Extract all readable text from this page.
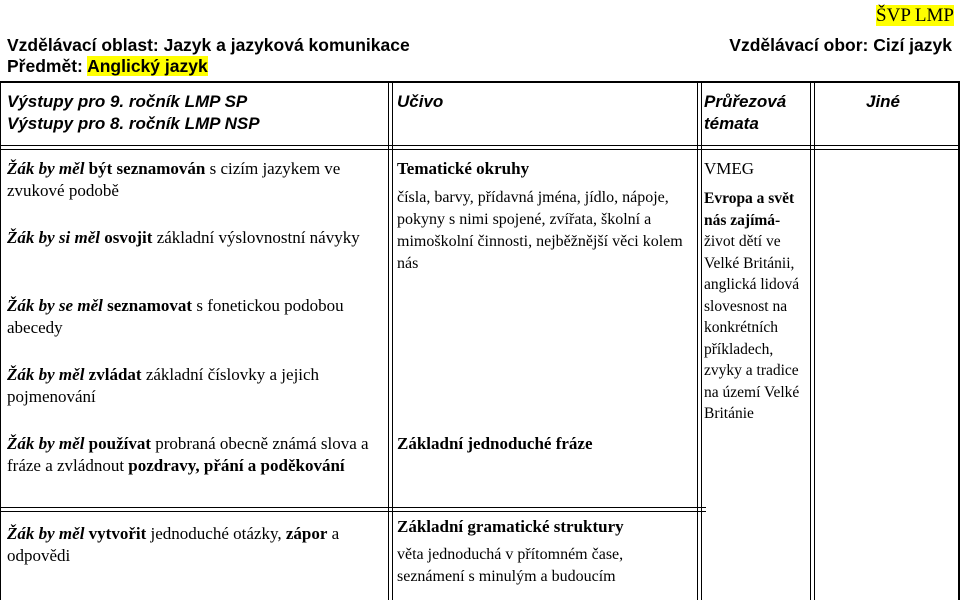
ŠVP LMP
Vzdělávací oblast: Jazyk a jazyková komunikace	Vzdělávací obor: Cizí jazyk
Předmět: Anglický jazyk
Výstupy pro 9. ročník LMP SP
Výstupy pro 8. ročník LMP NSP
Učivo	Průřezová
témata
Jiné
Žák by měl být seznamován s cizím jazykem ve zvukové podobě
Žák by si měl osvojit základní výslovnostní návyky
Žák by se měl seznamovat s fonetickou podobou abecedy
Žák by měl zvládat základní číslovky a jejich pojmenování
Žák by měl používat probraná obecně známá slova a fráze a zvládnout pozdravy, přání a poděkování
Žák by měl vytvořit jednoduché otázky, zápor a odpovědi
Tematické okruhy
čísla, barvy, přídavná jména, jídlo, nápoje, pokyny s nimi spojené, zvířata, školní a mimoškolní činnosti, nejběžnější věci kolem nás
Základní jednoduché fráze
Základní gramatické struktury
věta jednoduchá v přítomném čase, seznámení s minulým a budoucím
VMEG
Evropa a svět nás zajímá- život dětí ve Velké Británii, anglická lidová slovesnost na konkrétních příkladech, zvyky a tradice na území Velké Británie
